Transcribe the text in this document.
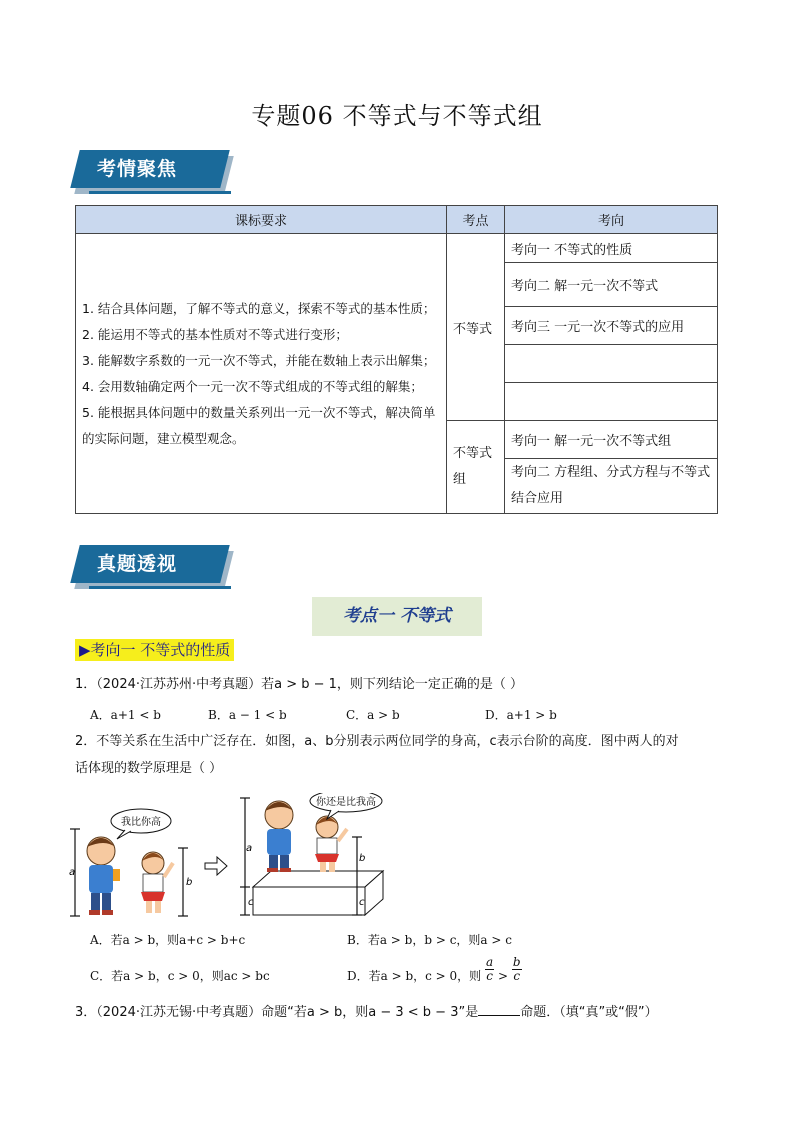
专题06 不等式与不等式组
考情聚焦
课标要求	考点	考向

1. 结合具体问题，了解不等式的意义，探索不等式的基本性质；
2. 能运用不等式的基本性质对不等式进行变形；
3. 能解数字系数的一元一次不等式，并能在数轴上表示出解集；
4. 会用数轴确定两个一元一次不等式组成的不等式组的解集；
5. 能根据具体问题中的数量关系列出一元一次不等式，解决简单的实际问题，建立模型观念。	不等式	考向一 不等式的性质
		考向二 解一元一次不等式
		考向三 一元一次不等式的应用

	不等式组	考向一 解一元一次不等式组
		考向二 方程组、分式方程与不等式结合应用
真题透视
考点一 不等式
▶考向一 不等式的性质
1．（2024·江苏苏州·中考真题）若a > b − 1，则下列结论一定正确的是（ ）
A．a+1 < b	B．a − 1 < b	C．a > b	D．a+1 > b
2．不等关系在生活中广泛存在．如图，a、b分别表示两位同学的身高，c表示台阶的高度．图中两人的对
话体现的数学原理是（ ）
我比你高
a
b
a
b
c	c
你还是比我高
A．若a > b，则a+c > b+c	B．若a > b，b > c，则a > c
C．若a > b，c > 0，则ac > bc	D．若a > b，c > 0，则 $\frac{a}{c} > \frac{b}{c}$
3．（2024·江苏无锡·中考真题）命题“若a > b，则a − 3 < b − 3”是	命题．（填“真”或“假”）
